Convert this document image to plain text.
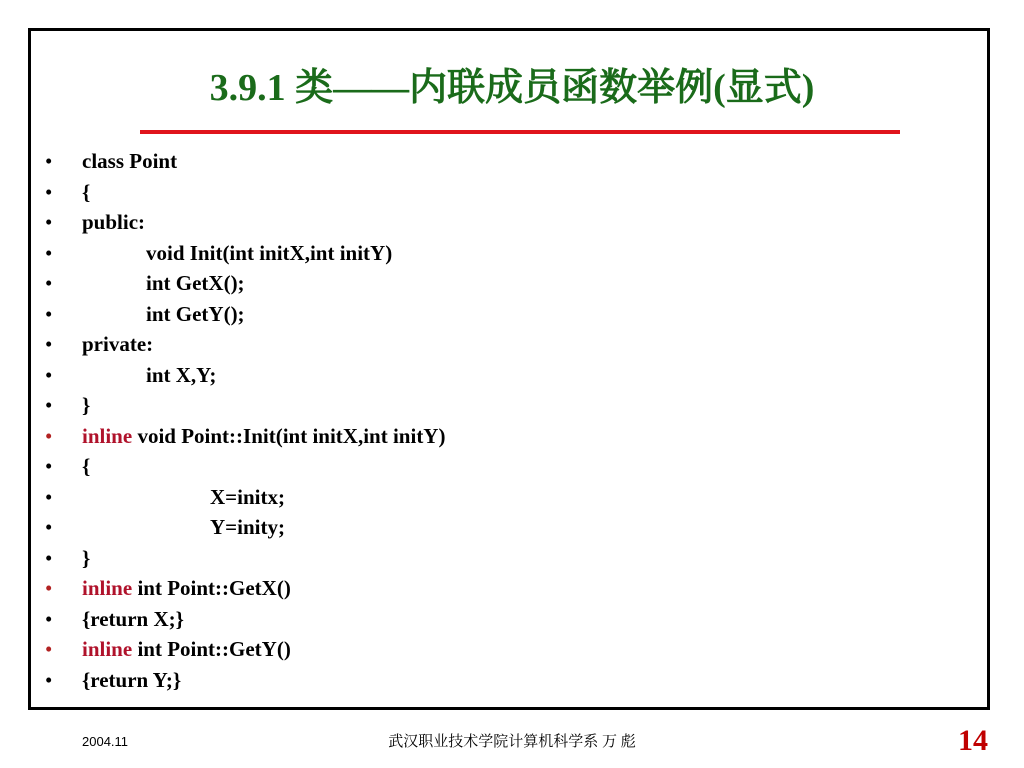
3.9.1 类——内联成员函数举例(显式)
• class Point
• {
• public:
•	void Init(int initX,int initY)
•	int GetX();
•	int GetY();
• private:
•	int X,Y;
• }
• inline void Point::Init(int initX,int initY)
• {
•	X=initx;
•	Y=inity;
• }
• inline int Point::GetX()
• {return X;}
• inline int Point::GetY()
• {return Y;}
2004.11	武汉职业技术学院计算机科学系 万 彪	14
